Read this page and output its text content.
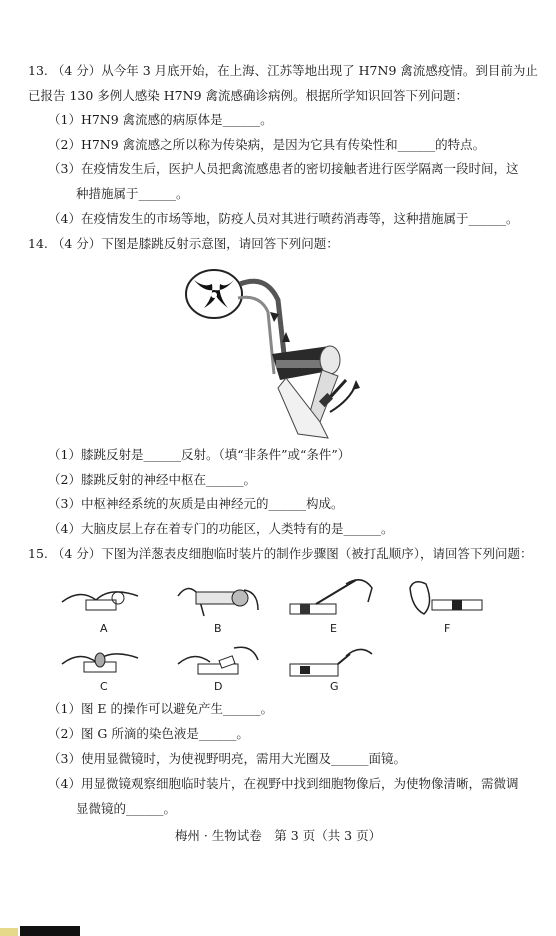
13. （4 分）从今年 3 月底开始，在上海、江苏等地出现了 H7N9 禽流感疫情。到目前为止
已报告 130 多例人感染 H7N9 禽流感确诊病例。根据所学知识回答下列问题：
（1）H7N9 禽流感的病原体是______。
（2）H7N9 禽流感之所以称为传染病，是因为它具有传染性和______的特点。
（3）在疫情发生后，医护人员把禽流感患者的密切接触者进行医学隔离一段时间，这
种措施属于______。
（4）在疫情发生的市场等地，防疫人员对其进行喷药消毒等，这种措施属于______。
14. （4 分）下图是膝跳反射示意图，请回答下列问题：
（1）膝跳反射是______反射。（填“非条件”或“条件”）
（2）膝跳反射的神经中枢在______。
（3）中枢神经系统的灰质是由神经元的______构成。
（4）大脑皮层上存在着专门的功能区，人类特有的是______。
15. （4 分）下图为洋葱表皮细胞临时装片的制作步骤图（被打乱顺序），请回答下列问题：
A	B	E	F
C	D	G
（1）图 E 的操作可以避免产生______。
（2）图 G 所滴的染色液是______。
（3）使用显微镜时，为使视野明亮，需用大光圈及______面镜。
（4）用显微镜观察细胞临时装片，在视野中找到细胞物像后，为使物像清晰，需微调
显微镜的______。
梅州 · 生物试卷　第 3 页（共 3 页）
